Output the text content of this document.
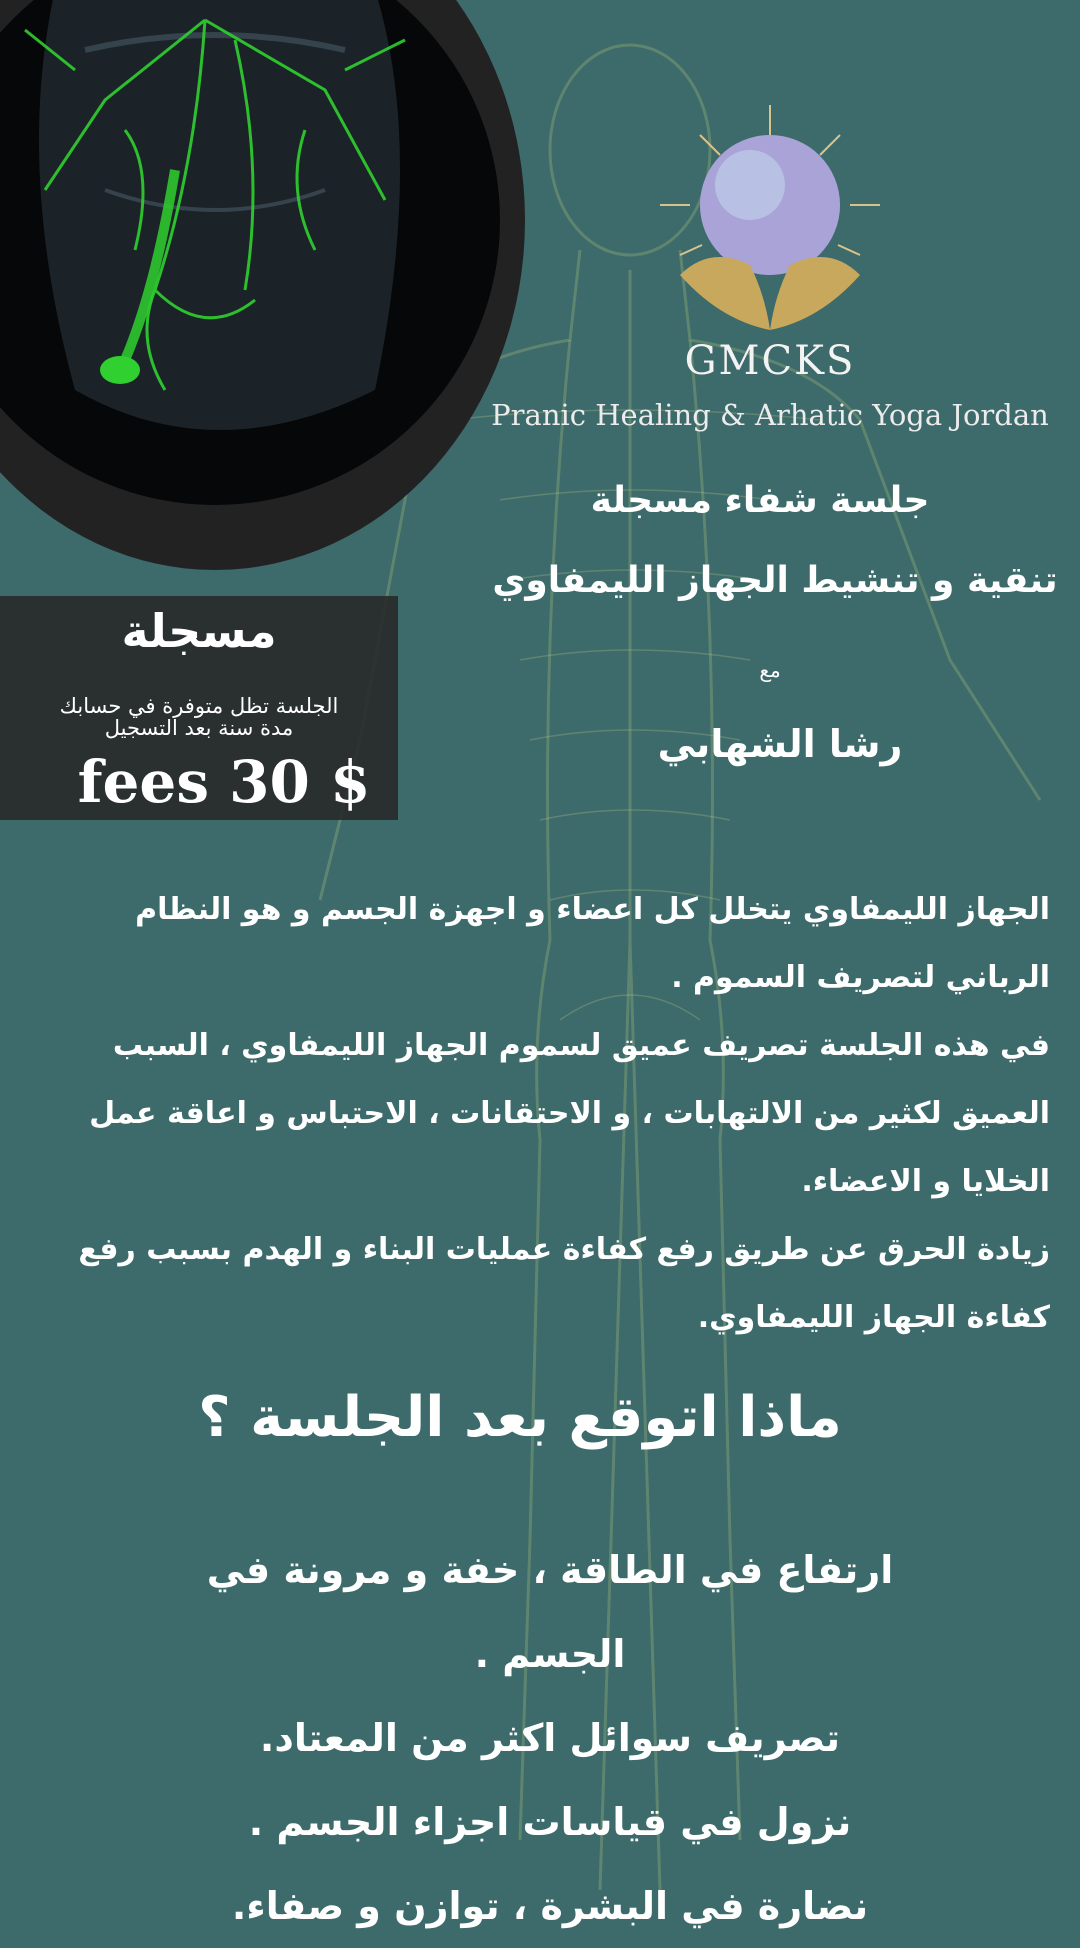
GMCKS
Pranic Healing & Arhatic Yoga Jordan
جلسة شفاء مسجلة
تنقية و تنشيط الجهاز الليمفاوي
مع
رشا الشهابي
مسجلة
الجلسة تظل متوفرة في حسابك
مدة سنة بعد التسجيل
fees 30 $

الجهاز الليمفاوي يتخلل كل اعضاء و اجهزة الجسم و هو النظام الرباني لتصريف السموم .

في هذه الجلسة تصريف عميق لسموم الجهاز الليمفاوي ، السبب العميق لكثير من الالتهابات ، و الاحتقانات ، الاحتباس و اعاقة عمل الخلايا و الاعضاء.

زيادة الحرق عن طريق رفع كفاءة عمليات البناء و الهدم بسبب رفع كفاءة الجهاز الليمفاوي.

ماذا اتوقع بعد الجلسة ؟
ارتفاع في الطاقة ، خفة و مرونة في الجسم .
تصريف سوائل اكثر من المعتاد.
نزول في قياسات اجزاء الجسم .
نضارة في البشرة ، توازن و صفاء.
